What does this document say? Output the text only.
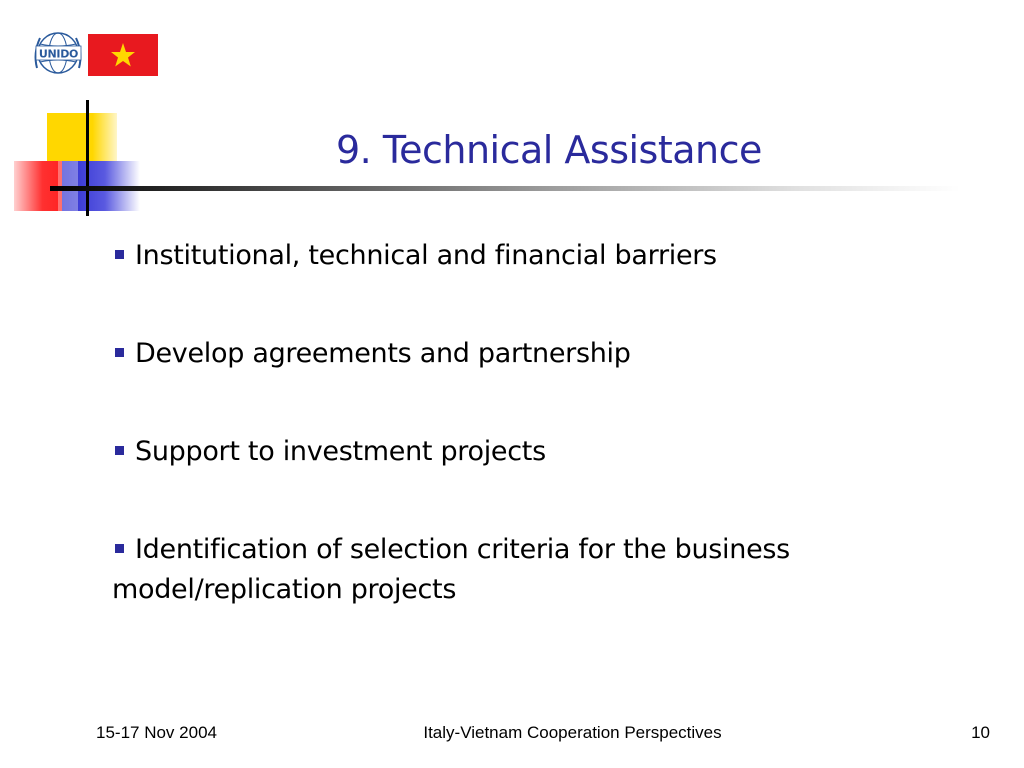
UNIDO
9. Technical Assistance
Institutional, technical and financial barriers
Develop agreements and partnership
Support to investment projects
Identification of selection criteria for the business model/replication projects
15-17 Nov 2004	Italy-Vietnam Cooperation Perspectives	10
